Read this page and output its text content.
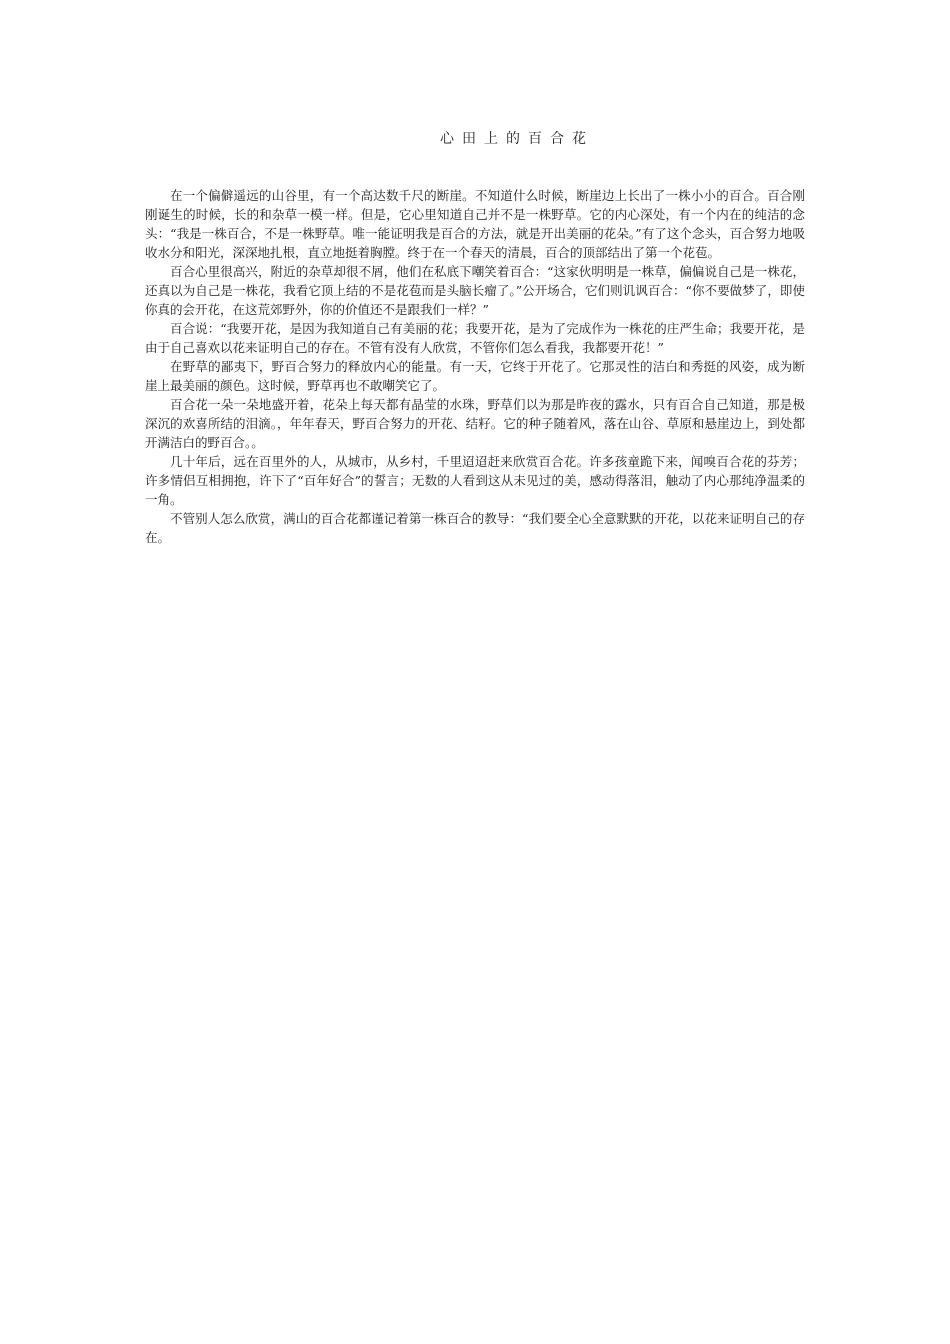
心田上的百合花

在一个偏僻遥远的山谷里，有一个高达数千尺的断崖。不知道什么时候，断崖边上长出了一株小小的百合。百合刚刚诞生的时候，长的和杂草一模一样。但是，它心里知道自己并不是一株野草。它的内心深处，有一个内在的纯洁的念头：“我是一株百合，不是一株野草。唯一能证明我是百合的方法，就是开出美丽的花朵。”有了这个念头，百合努力地吸收水分和阳光，深深地扎根，直立地挺着胸膛。终于在一个春天的清晨，百合的顶部结出了第一个花苞。

百合心里很高兴，附近的杂草却很不屑，他们在私底下嘲笑着百合：“这家伙明明是一株草，偏偏说自己是一株花，还真以为自己是一株花，我看它顶上结的不是花苞而是头脑长瘤了。”公开场合，它们则讥讽百合：“你不要做梦了，即使你真的会开花，在这荒郊野外，你的价值还不是跟我们一样？”

百合说：“我要开花，是因为我知道自己有美丽的花；我要开花，是为了完成作为一株花的庄严生命；我要开花，是由于自己喜欢以花来证明自己的存在。不管有没有人欣赏，不管你们怎么看我，我都要开花！”

在野草的鄙夷下，野百合努力的释放内心的能量。有一天，它终于开花了。它那灵性的洁白和秀挺的风姿，成为断崖上最美丽的颜色。这时候，野草再也不敢嘲笑它了。

百合花一朵一朵地盛开着，花朵上每天都有晶莹的水珠，野草们以为那是昨夜的露水，只有百合自己知道，那是极深沉的欢喜所结的泪滴。，年年春天，野百合努力的开花、结籽。它的种子随着风，落在山谷、草原和悬崖边上，到处都开满洁白的野百合。。

几十年后，远在百里外的人，从城市，从乡村，千里迢迢赶来欣赏百合花。许多孩童跪下来，闻嗅百合花的芬芳；许多情侣互相拥抱，许下了“百年好合”的誓言；无数的人看到这从未见过的美，感动得落泪，触动了内心那纯净温柔的一角。

不管别人怎么欣赏，满山的百合花都谨记着第一株百合的教导：“我们要全心全意默默的开花，以花来证明自己的存在。
